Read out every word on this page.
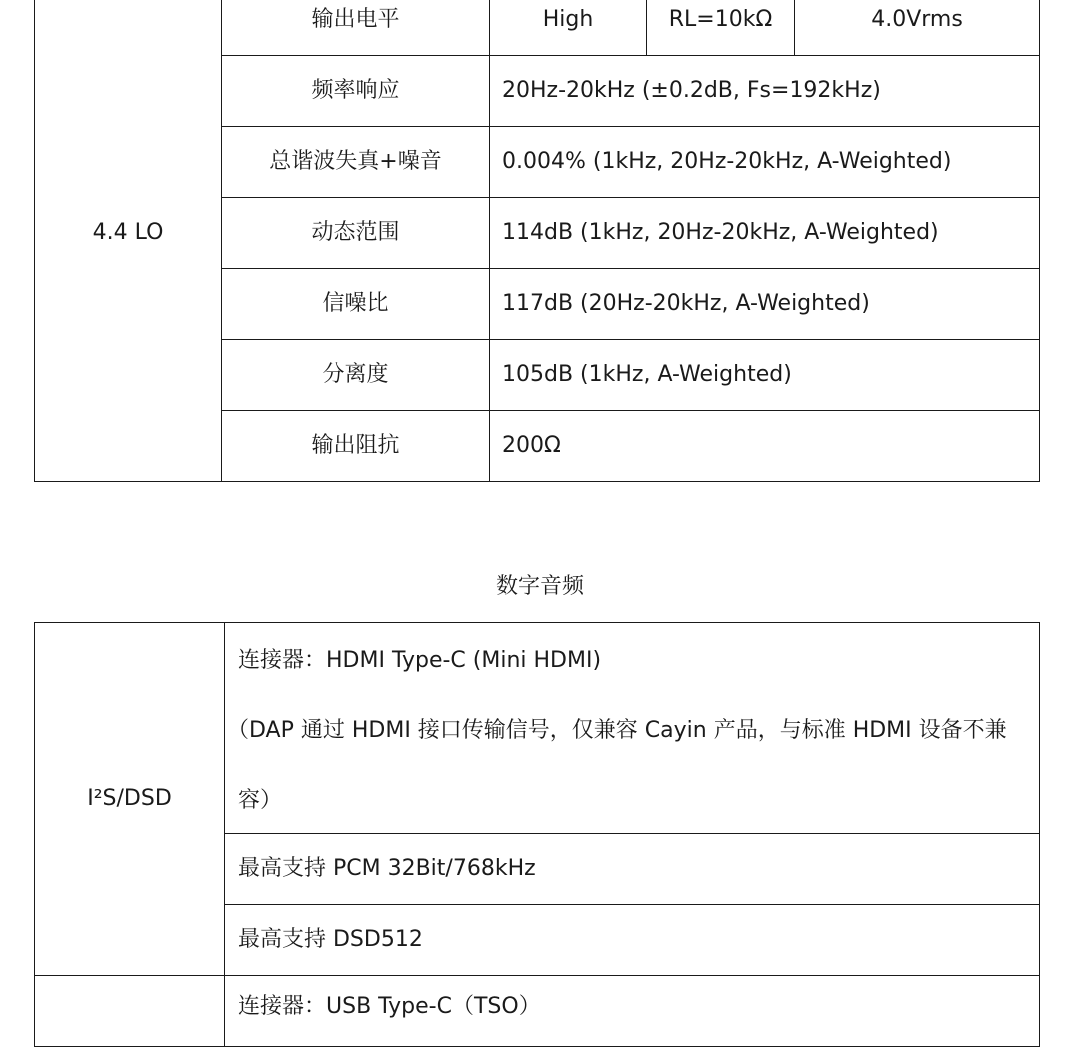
4.4 LO	输出电平	High	RL=10kΩ	4.0Vrms
	频率响应	20Hz-20kHz (±0.2dB, Fs=192kHz)		
	总谐波失真+噪音	0.004% (1kHz, 20Hz-20kHz, A-Weighted)		
	动态范围	114dB (1kHz, 20Hz-20kHz, A-Weighted)		
	信噪比	117dB (20Hz-20kHz, A-Weighted)		
	分离度	105dB (1kHz, A-Weighted)		
	输出阻抗	200Ω		
数字音频
I²S/DSD	连接器：HDMI Type-C (Mini HDMI)
（DAP 通过 HDMI 接口传输信号，仅兼容 Cayin 产品，与标准 HDMI 设备不兼
容）

	最高支持 PCM 32Bit/768kHz
	最高支持 DSD512

	连接器：USB Type-C（TSO）
